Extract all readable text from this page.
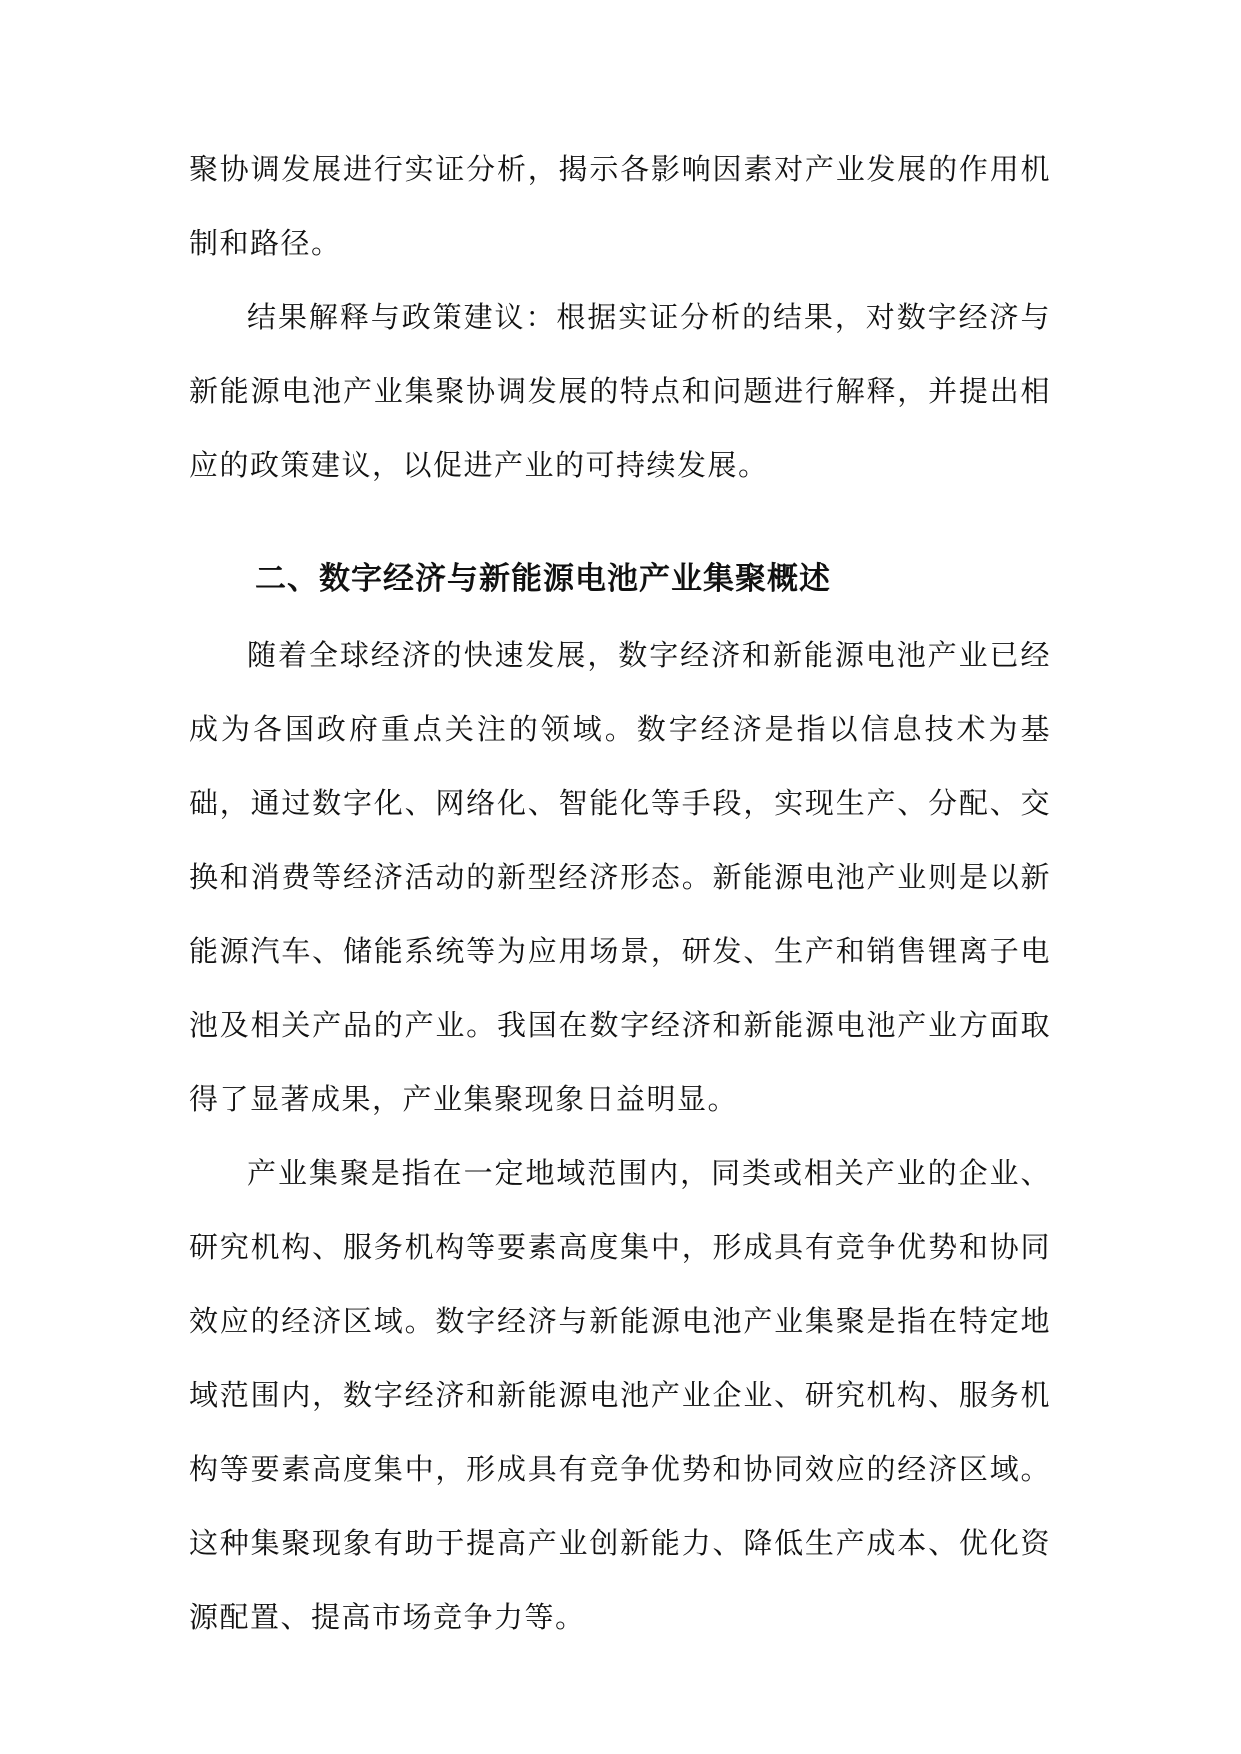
聚协调发展进行实证分析，揭示各影响因素对产业发展的作用机制和路径。

结果解释与政策建议：根据实证分析的结果，对数字经济与新能源电池产业集聚协调发展的特点和问题进行解释，并提出相应的政策建议，以促进产业的可持续发展。

二、数字经济与新能源电池产业集聚概述

随着全球经济的快速发展，数字经济和新能源电池产业已经成为各国政府重点关注的领域。数字经济是指以信息技术为基础，通过数字化、网络化、智能化等手段，实现生产、分配、交换和消费等经济活动的新型经济形态。新能源电池产业则是以新能源汽车、储能系统等为应用场景，研发、生产和销售锂离子电池及相关产品的产业。我国在数字经济和新能源电池产业方面取得了显著成果，产业集聚现象日益明显。

产业集聚是指在一定地域范围内，同类或相关产业的企业、研究机构、服务机构等要素高度集中，形成具有竞争优势和协同效应的经济区域。数字经济与新能源电池产业集聚是指在特定地域范围内，数字经济和新能源电池产业企业、研究机构、服务机构等要素高度集中，形成具有竞争优势和协同效应的经济区域。这种集聚现象有助于提高产业创新能力、降低生产成本、优化资源配置、提高市场竞争力等。
